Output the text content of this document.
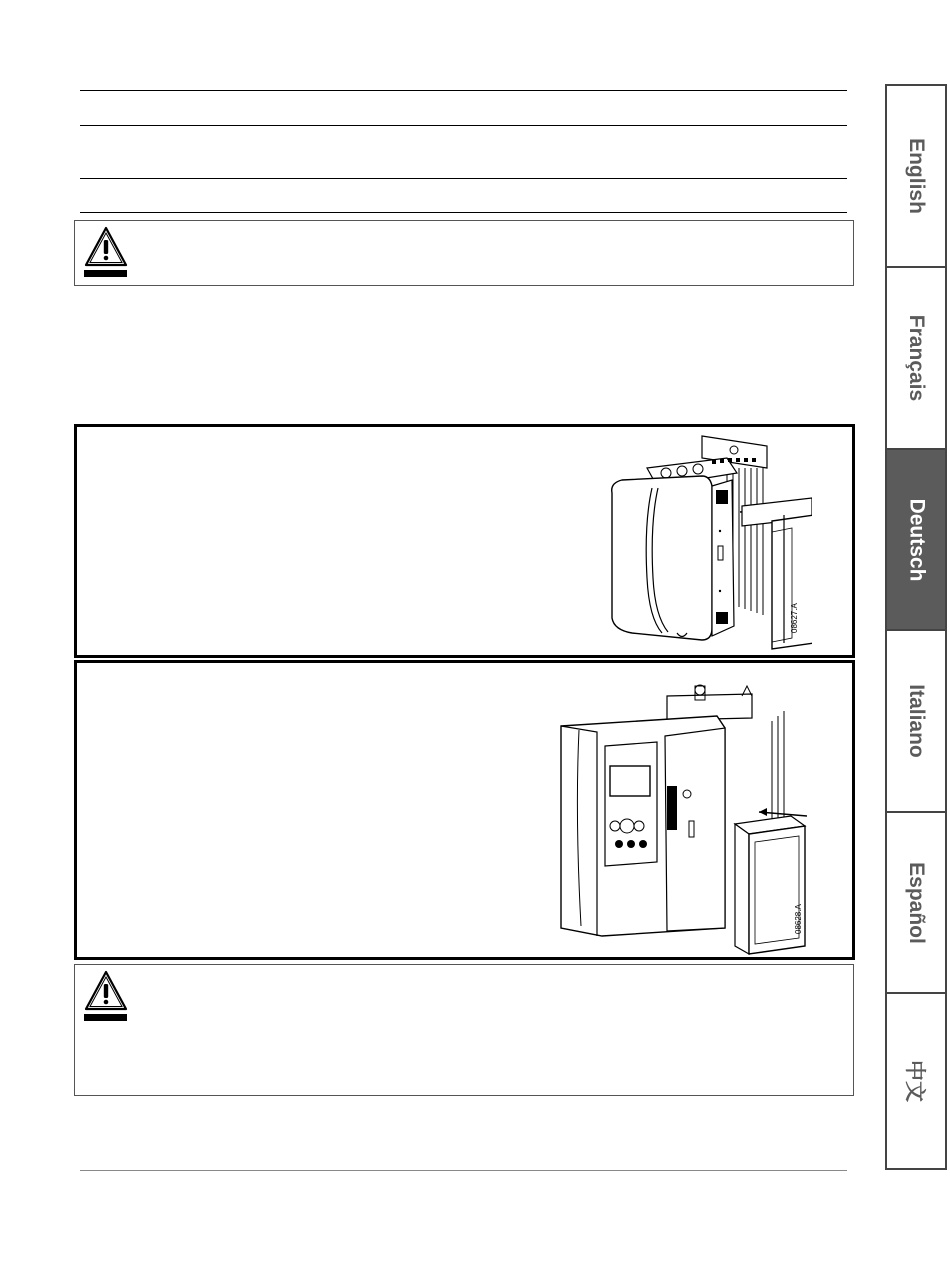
08627.A
08628.A
English
Français
Deutsch
Italiano
Español
中文
